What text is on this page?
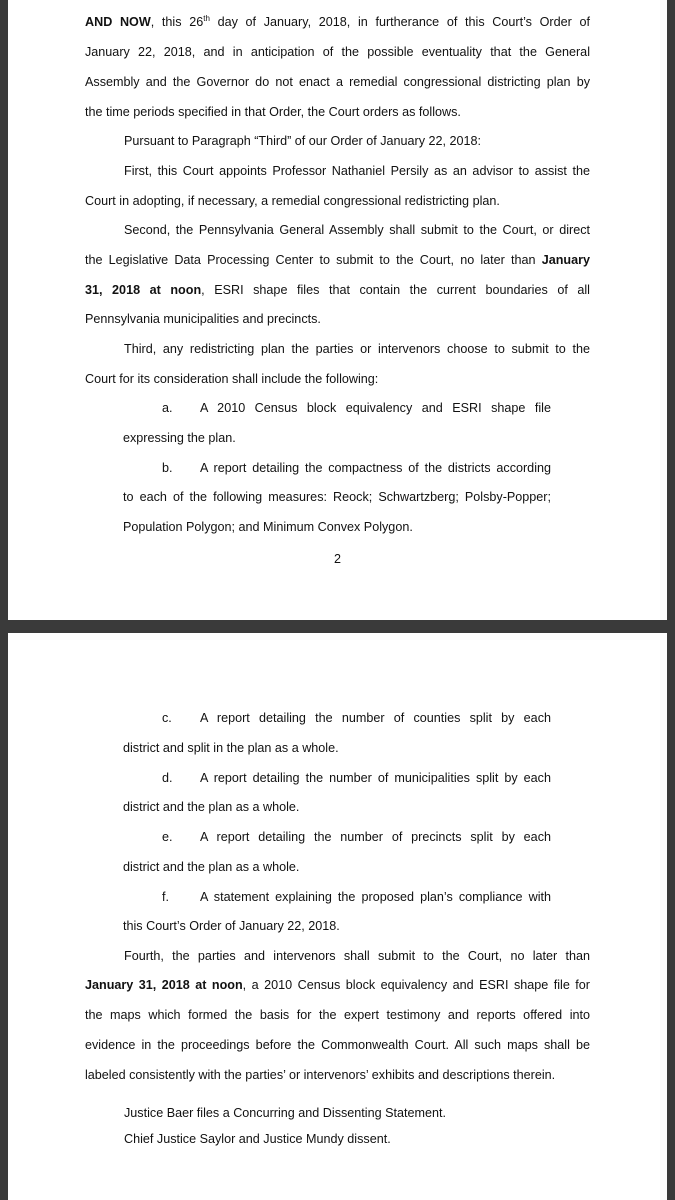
AND NOW, this 26th day of January, 2018, in furtherance of this Court’s Order of

January 22, 2018, and in anticipation of the possible eventuality that the General

Assembly and the Governor do not enact a remedial congressional districting plan by

the time periods specified in that Order, the Court orders as follows.

Pursuant to Paragraph “Third” of our Order of January 22, 2018:

First, this Court appoints Professor Nathaniel Persily as an advisor to assist the

Court in adopting, if necessary, a remedial congressional redistricting plan.

Second, the Pennsylvania General Assembly shall submit to the Court, or direct

the Legislative Data Processing Center to submit to the Court, no later than January

31, 2018 at noon, ESRI shape files that contain the current boundaries of all

Pennsylvania municipalities and precincts.

Third, any redistricting plan the parties or intervenors choose to submit to the

Court for its consideration shall include the following:

a. A 2010 Census block equivalency and ESRI shape file

expressing the plan.

b. A report detailing the compactness of the districts according

to each of the following measures: Reock; Schwartzberg; Polsby-Popper;

Population Polygon; and Minimum Convex Polygon.

2

c. A report detailing the number of counties split by each

district and split in the plan as a whole.

d. A report detailing the number of municipalities split by each

district and the plan as a whole.

e. A report detailing the number of precincts split by each

district and the plan as a whole.

f. A statement explaining the proposed plan’s compliance with

this Court’s Order of January 22, 2018.

Fourth, the parties and intervenors shall submit to the Court, no later than

January 31, 2018 at noon, a 2010 Census block equivalency and ESRI shape file for

the maps which formed the basis for the expert testimony and reports offered into

evidence in the proceedings before the Commonwealth Court. All such maps shall be

labeled consistently with the parties’ or intervenors’ exhibits and descriptions therein.

Justice Baer files a Concurring and Dissenting Statement.

Chief Justice Saylor and Justice Mundy dissent.
